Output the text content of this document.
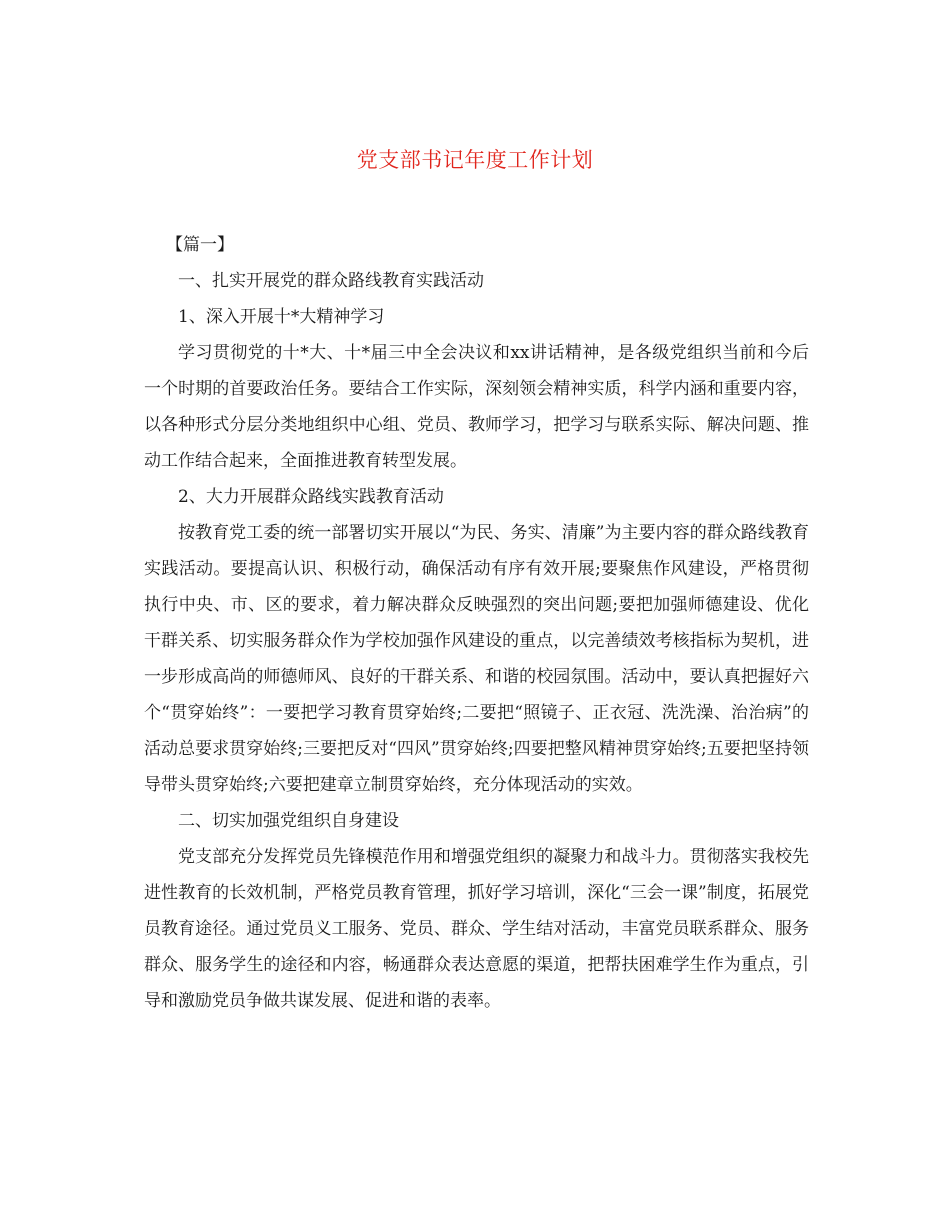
党支部书记年度工作计划

【篇一】

一、扎实开展党的群众路线教育实践活动

1、深入开展十*大精神学习

学习贯彻党的十*大、十*届三中全会决议和xx讲话精神，是各级党组织当前和今后一个时期的首要政治任务。要结合工作实际，深刻领会精神实质，科学内涵和重要内容，以各种形式分层分类地组织中心组、党员、教师学习，把学习与联系实际、解决问题、推动工作结合起来，全面推进教育转型发展。

2、大力开展群众路线实践教育活动

按教育党工委的统一部署切实开展以“为民、务实、清廉”为主要内容的群众路线教育实践活动。要提高认识、积极行动，确保活动有序有效开展;要聚焦作风建设，严格贯彻执行中央、市、区的要求，着力解决群众反映强烈的突出问题;要把加强师德建设、优化干群关系、切实服务群众作为学校加强作风建设的重点，以完善绩效考核指标为契机，进一步形成高尚的师德师风、良好的干群关系、和谐的校园氛围。活动中，要认真把握好六个“贯穿始终”：一要把学习教育贯穿始终;二要把“照镜子、正衣冠、洗洗澡、治治病”的活动总要求贯穿始终;三要把反对“四风”贯穿始终;四要把整风精神贯穿始终;五要把坚持领导带头贯穿始终;六要把建章立制贯穿始终，充分体现活动的实效。

二、切实加强党组织自身建设

党支部充分发挥党员先锋模范作用和增强党组织的凝聚力和战斗力。贯彻落实我校先进性教育的长效机制，严格党员教育管理，抓好学习培训，深化“三会一课”制度，拓展党员教育途径。通过党员义工服务、党员、群众、学生结对活动，丰富党员联系群众、服务群众、服务学生的途径和内容，畅通群众表达意愿的渠道，把帮扶困难学生作为重点，引导和激励党员争做共谋发展、促进和谐的表率。
